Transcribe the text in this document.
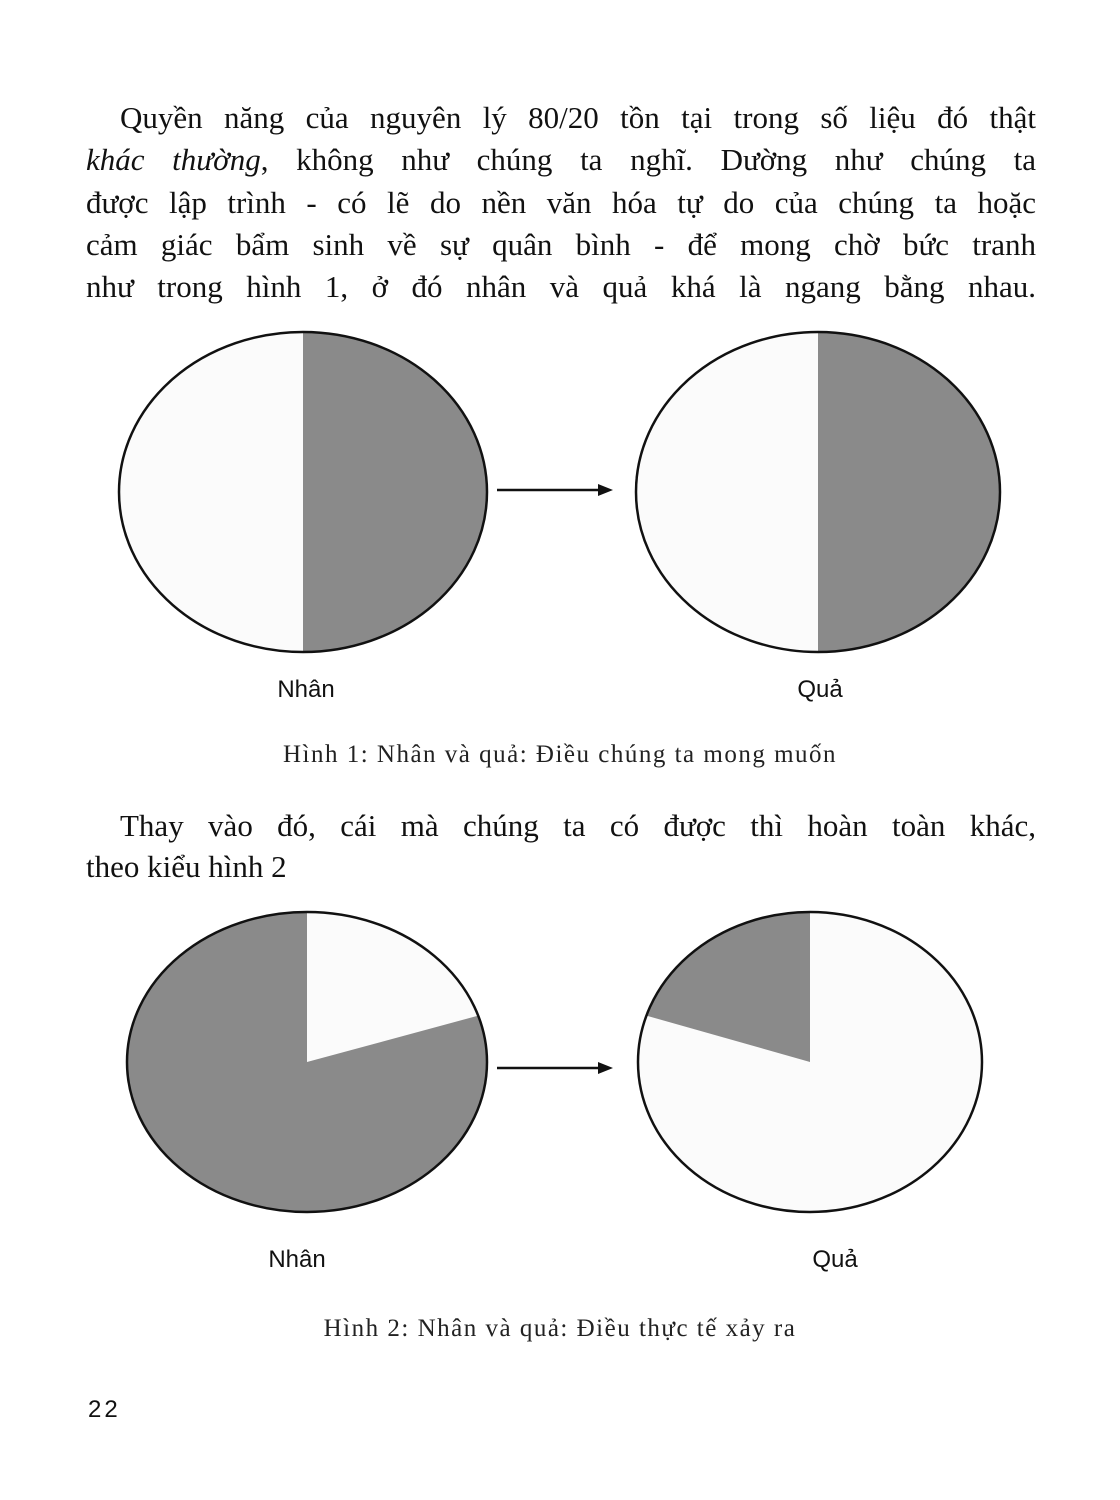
Quyền năng của nguyên lý 80/20 tồn tại trong số liệu đó thật
khác thường, không như chúng ta nghĩ. Dường như chúng ta
được lập trình - có lẽ do nền văn hóa tự do của chúng ta hoặc
cảm giác bẩm sinh về sự quân bình - để mong chờ bức tranh
như trong hình 1, ở đó nhân và quả khá là ngang bằng nhau.
Nhân	Quả
Hình 1: Nhân và quả: Điều chúng ta mong muốn
Thay vào đó, cái mà chúng ta có được thì hoàn toàn khác,
theo kiểu hình 2
Nhân	Quả
Hình 2: Nhân và quả: Điều thực tế xảy ra
22
